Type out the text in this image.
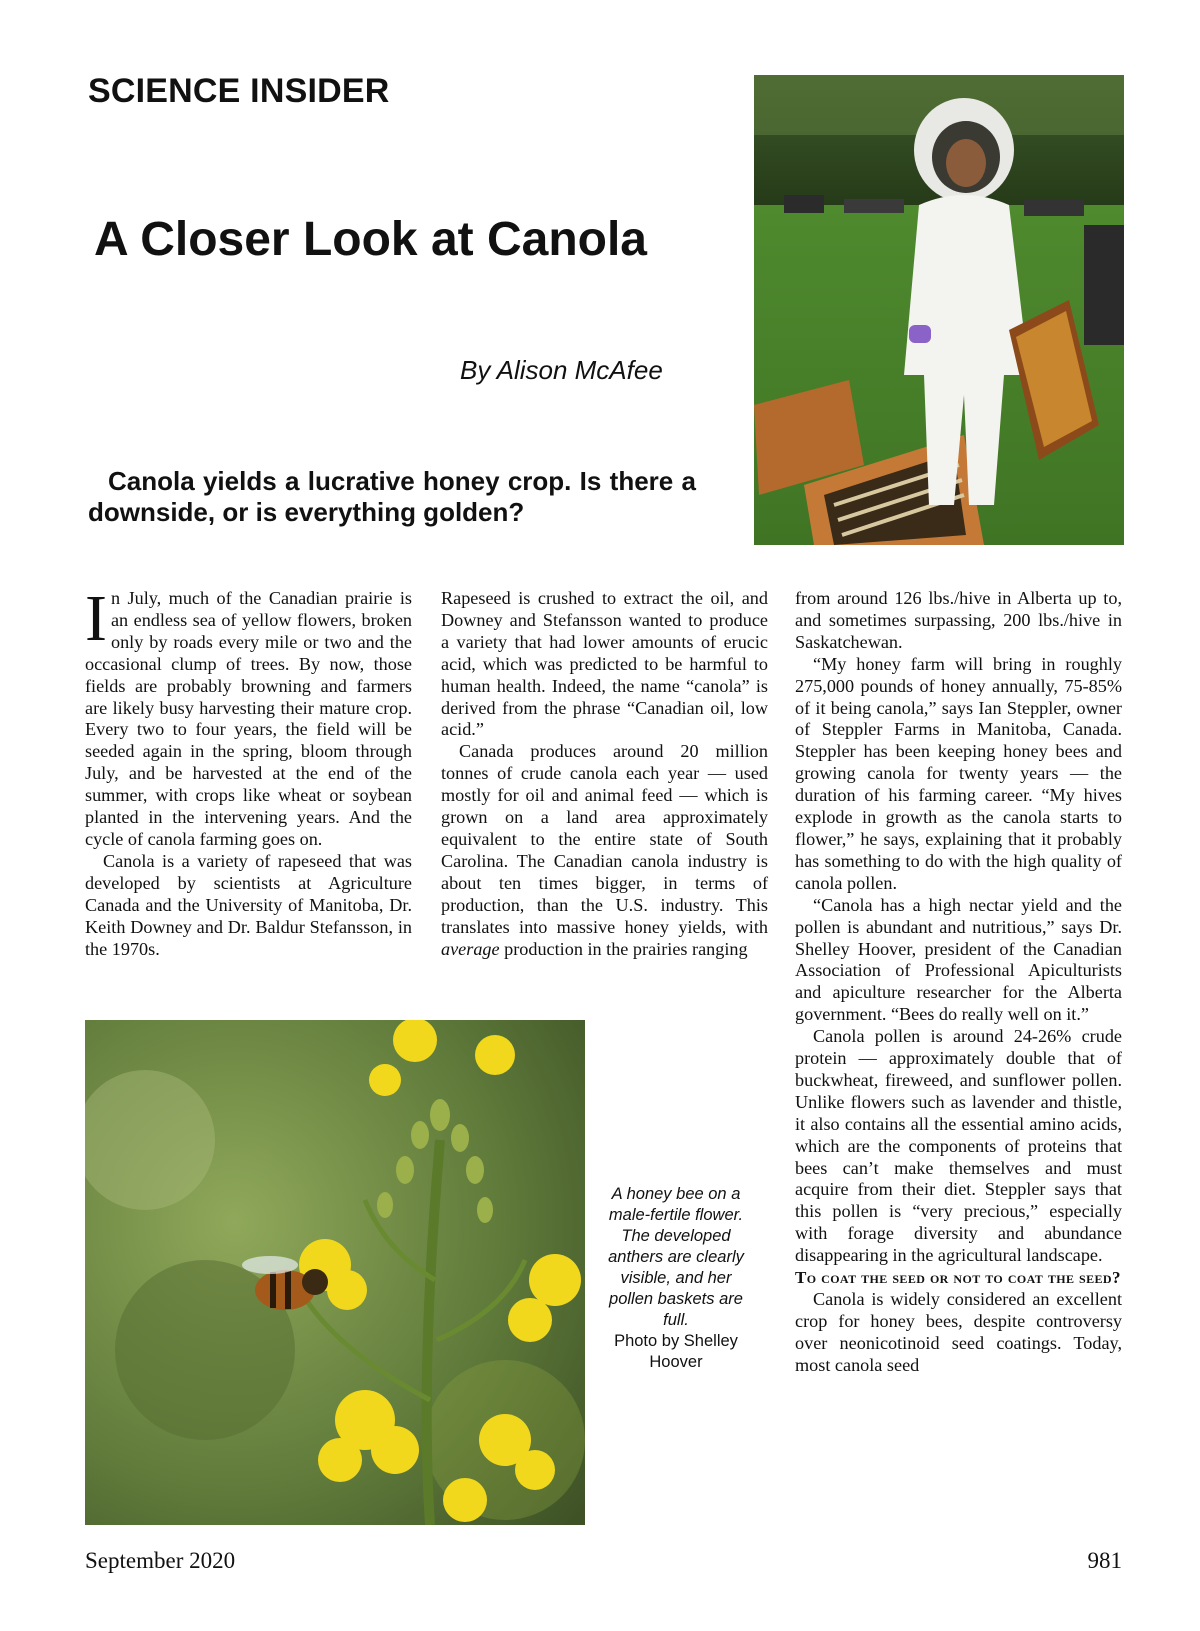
SCIENCE INSIDER
A Closer Look at Canola
By Alison McAfee
Canola yields a lucrative honey crop. Is there a downside, or is everything golden?

In July, much of the Canadian prairie is an endless sea of yellow flowers, broken only by roads every mile or two and the occasional clump of trees. By now, those fields are probably browning and farmers are likely busy harvesting their mature crop. Every two to four years, the field will be seeded again in the spring, bloom through July, and be harvested at the end of the summer, with crops like wheat or soybean planted in the intervening years. And the cycle of canola farming goes on.

Canola is a variety of rapeseed that was developed by scientists at Agriculture Canada and the University of Manitoba, Dr. Keith Downey and Dr. Baldur Stefansson, in the 1970s.

Rapeseed is crushed to extract the oil, and Downey and Stefansson wanted to produce a variety that had lower amounts of erucic acid, which was predicted to be harmful to human health. Indeed, the name “canola” is derived from the phrase “Canadian oil, low acid.”

Canada produces around 20 million tonnes of crude canola each year — used mostly for oil and animal feed — which is grown on a land area approximately equivalent to the entire state of South Carolina. The Canadian canola industry is about ten times bigger, in terms of production, than the U.S. industry. This translates into massive honey yields, with average production in the prairies ranging

from around 126 lbs./hive in Alberta up to, and sometimes surpassing, 200 lbs./hive in Saskatchewan.

“My honey farm will bring in roughly 275,000 pounds of honey annually, 75-85% of it being canola,” says Ian Steppler, owner of Steppler Farms in Manitoba, Canada. Steppler has been keeping honey bees and growing canola for twenty years — the duration of his farming career. “My hives explode in growth as the canola starts to flower,” he says, explaining that it probably has something to do with the high quality of canola pollen.

“Canola has a high nectar yield and the pollen is abundant and nutritious,” says Dr. Shelley Hoover, president of the Canadian Association of Professional Apiculturists and apiculture researcher for the Alberta government. “Bees do really well on it.”

Canola pollen is around 24-26% crude protein — approximately double that of buckwheat, fireweed, and sunflower pollen. Unlike flowers such as lavender and thistle, it also contains all the essential amino acids, which are the components of proteins that bees can’t make themselves and must acquire from their diet. Steppler says that this pollen is “very precious,” especially with forage diversity and abundance disappearing in the agricultural landscape.

To coat the seed or not to coat the seed?

Canola is widely considered an excellent crop for honey bees, despite controversy over neonicotinoid seed coatings. Today, most canola seed

A honey bee on a male-fertile flower. The developed anthers are clearly visible, and her pollen baskets are full.
Photo by Shelley Hoover
September 2020	981
